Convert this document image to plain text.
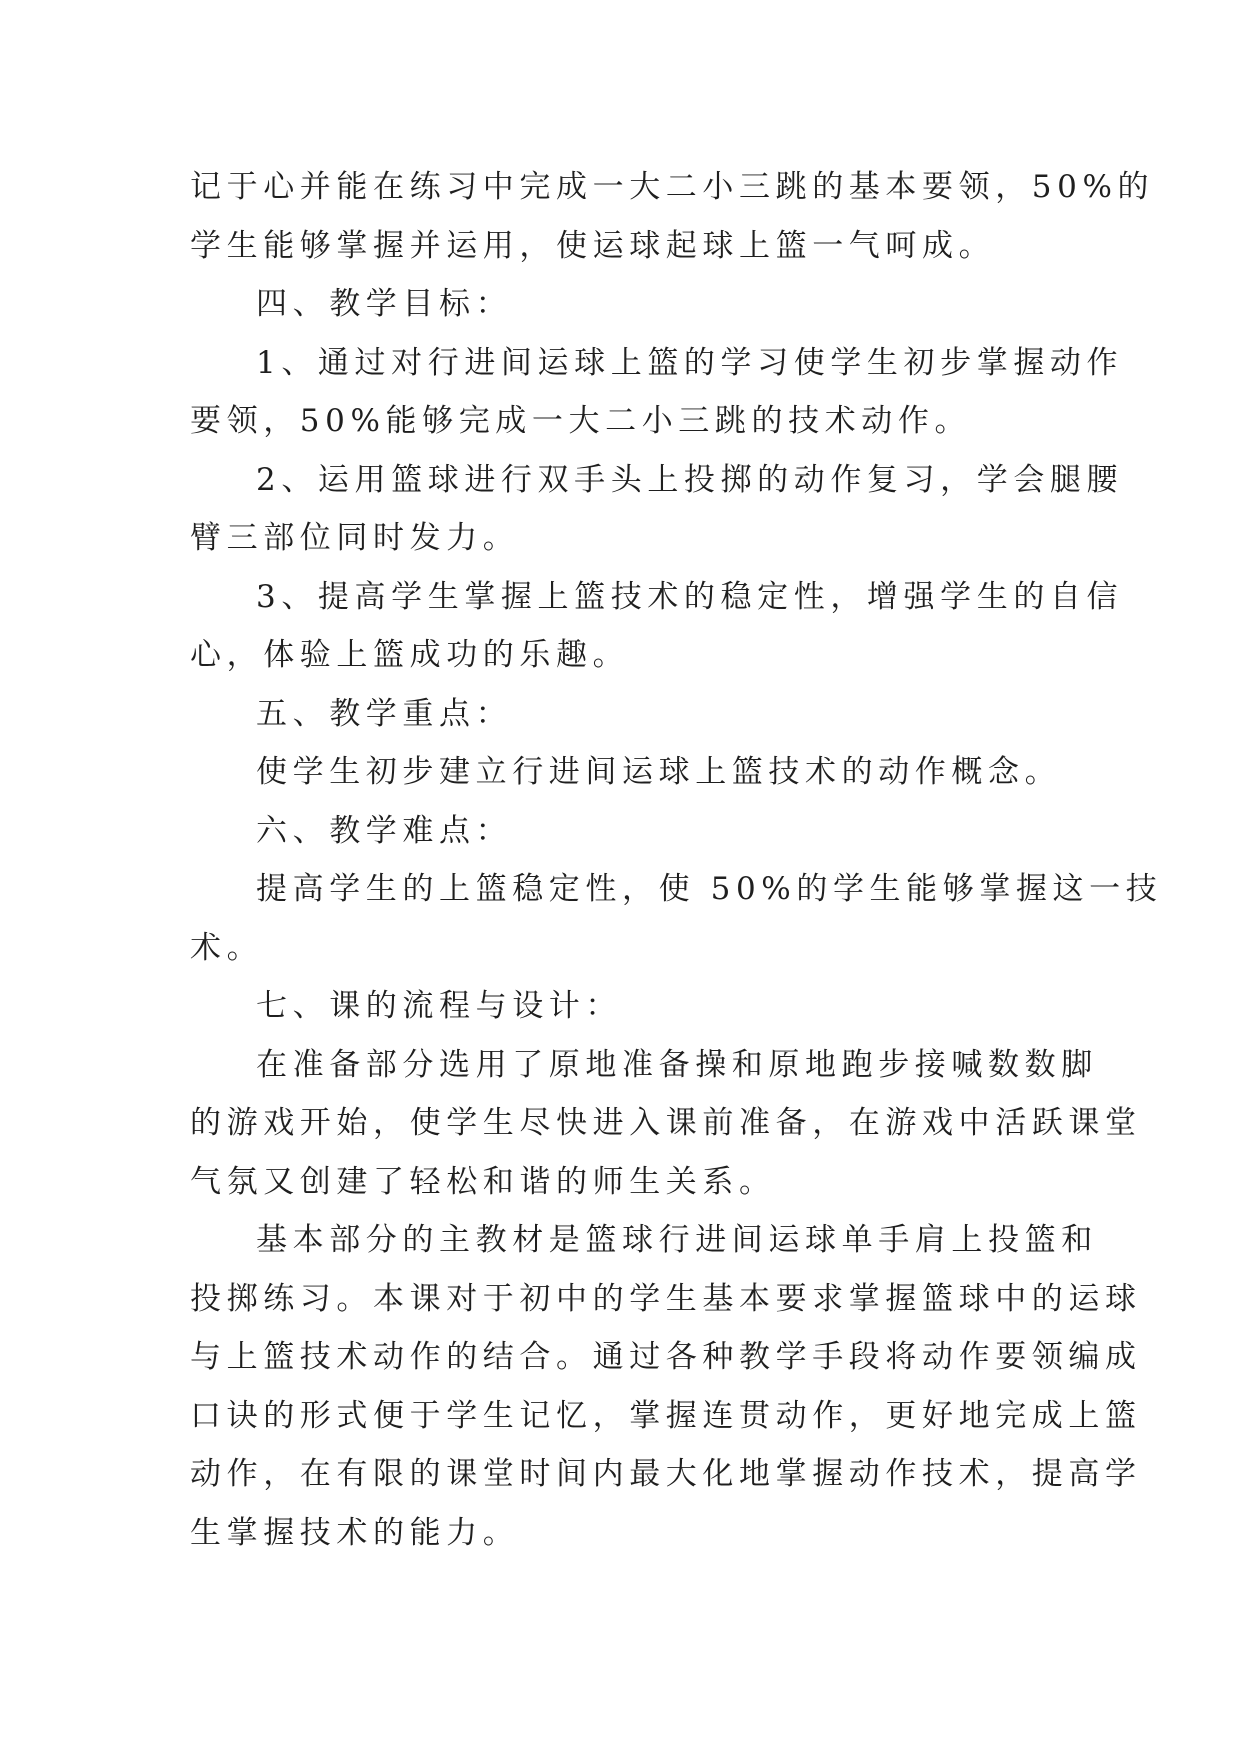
记于心并能在练习中完成一大二小三跳的基本要领，50%的

学生能够掌握并运用，使运球起球上篮一气呵成。

四、教学目标：

1、通过对行进间运球上篮的学习使学生初步掌握动作

要领，50%能够完成一大二小三跳的技术动作。

2、运用篮球进行双手头上投掷的动作复习，学会腿腰

臂三部位同时发力。

3、提高学生掌握上篮技术的稳定性，增强学生的自信

心，体验上篮成功的乐趣。

五、教学重点：

使学生初步建立行进间运球上篮技术的动作概念。

六、教学难点：

提高学生的上篮稳定性，使 50%的学生能够掌握这一技

术。

七、课的流程与设计：

在准备部分选用了原地准备操和原地跑步接喊数数脚

的游戏开始，使学生尽快进入课前准备，在游戏中活跃课堂

气氛又创建了轻松和谐的师生关系。

基本部分的主教材是篮球行进间运球单手肩上投篮和

投掷练习。本课对于初中的学生基本要求掌握篮球中的运球

与上篮技术动作的结合。通过各种教学手段将动作要领编成

口诀的形式便于学生记忆，掌握连贯动作，更好地完成上篮

动作，在有限的课堂时间内最大化地掌握动作技术，提高学

生掌握技术的能力。
